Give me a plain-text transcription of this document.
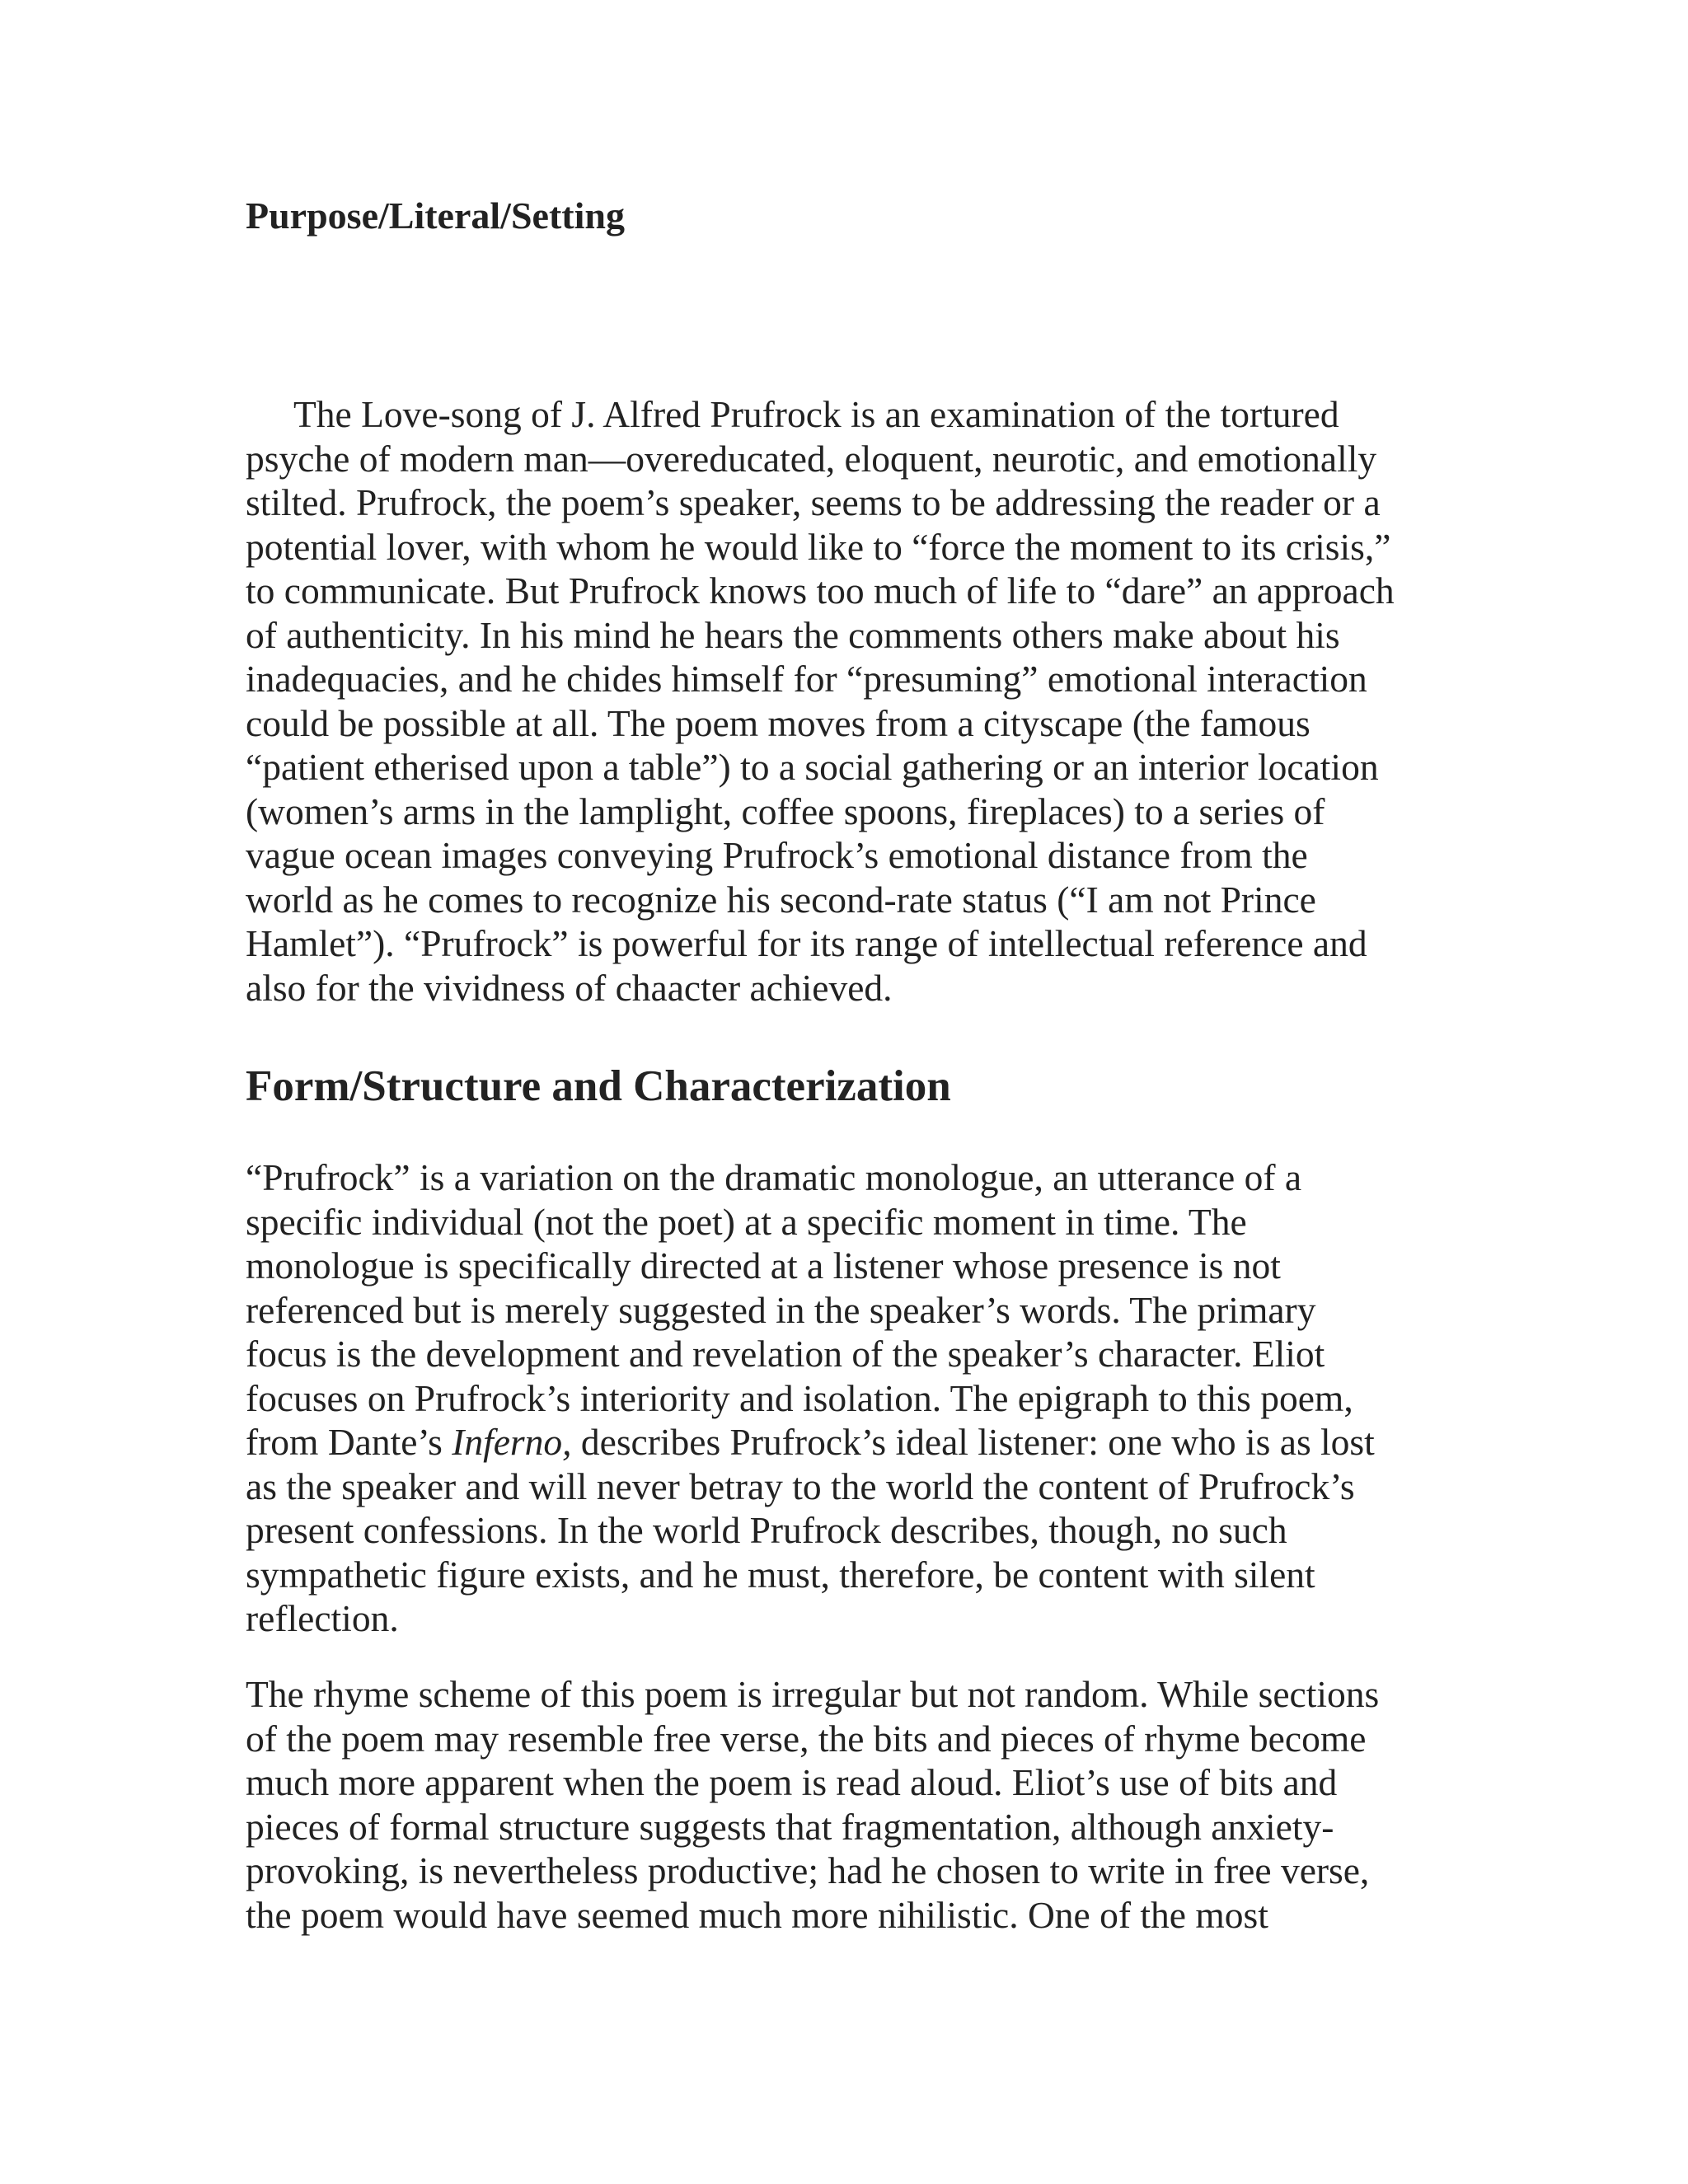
Purpose/Literal/Setting

The Love-song of J. Alfred Prufrock is an examination of the tortured
psyche of modern man—overeducated, eloquent, neurotic, and emotionally
stilted. Prufrock, the poem’s speaker, seems to be addressing the reader or a
potential lover, with whom he would like to “force the moment to its crisis,”
to communicate. But Prufrock knows too much of life to “dare” an approach
of authenticity. In his mind he hears the comments others make about his
inadequacies, and he chides himself for “presuming” emotional interaction
could be possible at all. The poem moves from a cityscape (the famous
“patient etherised upon a table”) to a social gathering or an interior location
(women’s arms in the lamplight, coffee spoons, fireplaces) to a series of
vague ocean images conveying Prufrock’s emotional distance from the
world as he comes to recognize his second-rate status (“I am not Prince
Hamlet”). “Prufrock” is powerful for its range of intellectual reference and
also for the vividness of chaacter achieved.

Form/Structure and Characterization

“Prufrock” is a variation on the dramatic monologue, an utterance of a
specific individual (not the poet) at a specific moment in time. The
monologue is specifically directed at a listener whose presence is not
referenced but is merely suggested in the speaker’s words. The primary
focus is the development and revelation of the speaker’s character. Eliot
focuses on Prufrock’s interiority and isolation. The epigraph to this poem,
from Dante’s Inferno, describes Prufrock’s ideal listener: one who is as lost
as the speaker and will never betray to the world the content of Prufrock’s
present confessions. In the world Prufrock describes, though, no such
sympathetic figure exists, and he must, therefore, be content with silent
reflection.

The rhyme scheme of this poem is irregular but not random. While sections
of the poem may resemble free verse, the bits and pieces of rhyme become
much more apparent when the poem is read aloud. Eliot’s use of bits and
pieces of formal structure suggests that fragmentation, although anxiety-
provoking, is nevertheless productive; had he chosen to write in free verse,
the poem would have seemed much more nihilistic. One of the most
